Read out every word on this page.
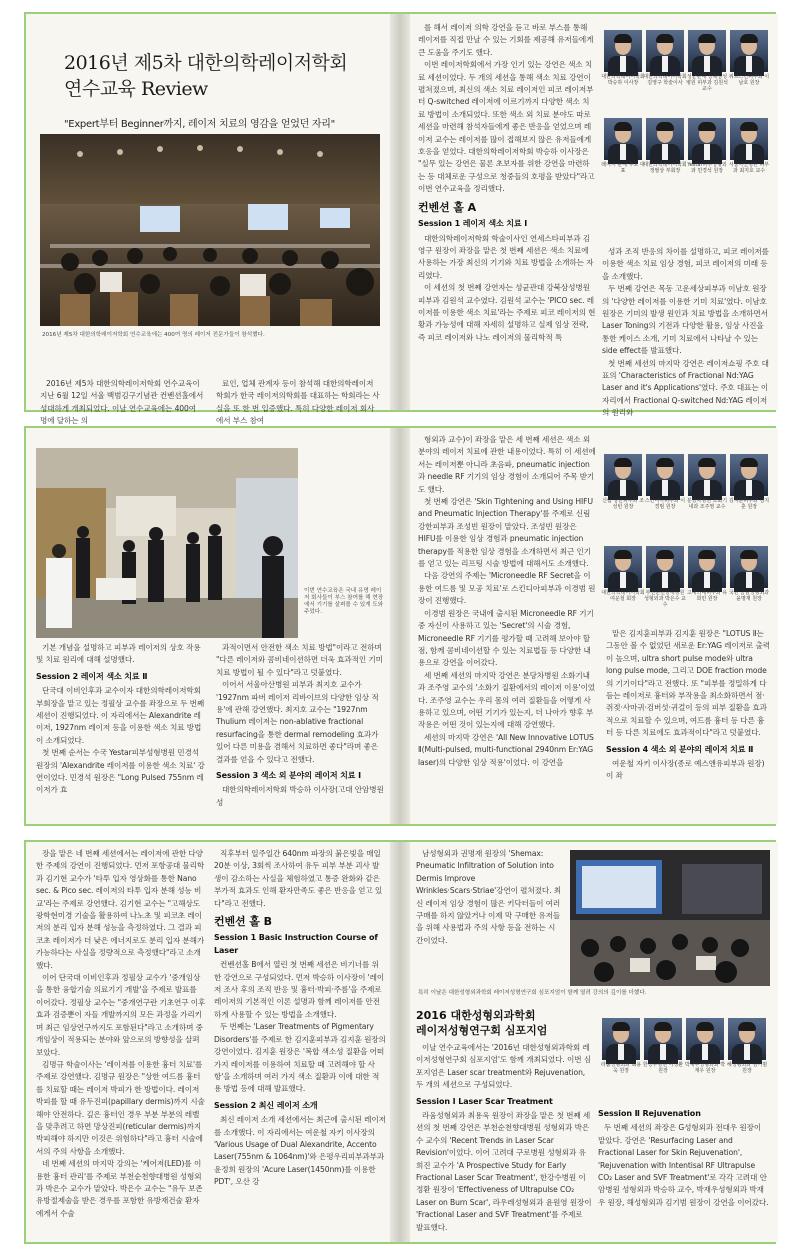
2016년 제5차 대한의학레이저학회
연수교육 Review
"Expert부터 Beginner까지, 레이저 치료의 영감을 얻었던 자리"
2016년 제5차 대한의학레이저학회 연수교육에는 400여 명의 레이저 전문가들이 참석했다.

2016년 제5차 대한의학레이저학회 연수교육이 지난 6월 12일 서울 백범김구기념관 컨벤션홀에서 성대하게 개최되었다. 이날 연수교육에는 400여 명에 달하는 의

료인, 업체 관계자 등이 참석해 대한의학레이저학회가 한국 레이저의학회를 대표하는 학회라는 사실을 또 한 번 입증했다. 특히 다양한 레이저 회사에서 부스 참여

를 해서 레이저 의학 강연을 듣고 바로 부스를 통해 레이저를 직접 만날 수 있는 기회를 제공해 유저들에게 큰 도움을 주기도 했다.

이번 레이저학회에서 가장 인기 있는 강연은 색소 치료 세션이었다. 두 개의 세션을 통해 색소 치료 강연이 펼쳐졌으며, 최신의 색소 치료 레이저인 피코 레이저부터 Q-switched 레이저에 이르기까지 다양한 색소 치료 방법이 소개되었다. 또한 색소 외 치료 분야도 따로 세션을 마련해 참석자들에게 좋은 반응을 얻었으며 레이저 교수는 레이저를 많이 접해보지 않은 유저들에게 호응을 얻었다. 대한의학레이저학회 박승하 이사장은 "실무 있는 강연은 물론 초보자를 위한 강연을 마련하는 등 대체로운 구성으로 청중들의 호평을 받았다"라고 이번 연수교육을 정리했다.

컨벤션 홀 A
Session 1 레이저 색소 치료 Ⅰ

대한의학레이저학회 학술이사인 연세스타피부과 김영구 원장이 좌장을 맡은 첫 번째 세션은 색소 치료에 사용하는 가장 최신의 기기와 치료 방법을 소개하는 자리였다.

이 세션의 첫 번째 강연자는 성균관대 강북삼성병원 피부과 김원석 교수였다. 김원석 교수는 'PICO sec. 레이저를 이용한 색소 치료'라는 주제로 피코 레이저의 현황과 가능성에 대해 자세히 설명하고 실제 임상 전략, 즉 피코 레이저와 나노 레이저의 물리학적 특

대한의학레이저학회 박승하 이사장
대한의학레이저학회 김영구 학술이사
성균관대 강북삼성병원 피부과 김원석 교수
위트스킨피부과 이남호 원장
레이저 판매 주호 대표
대한의학레이저학회 정필상 부회장
Yestar피부성형외과 민경석 원장
서울아산병원 피부과 최지호 교수

성과 조직 반응의 차이를 설명하고, 피코 레이저를 이용한 색소 치료 임상 경험, 피코 레이저의 미래 등을 소개했다.

두 번째 강연은 목동 고운세상피부과 이남호 원장의 '다양한 레이저를 이용한 기미 치료'였다. 이남호 원장은 기미의 발생 원인과 치료 방법을 소개하면서 Laser Toning의 기전과 다양한 활용, 임상 사진을 통한 케이스 소개, 기미 치료에서 나타날 수 있는 side effect를 발표했다.

첫 번째 세션의 마지막 강연은 레이저쇼핑 주호 대표의 'Characteristics of Fractional Nd:YAG Laser and it's Applications'였다. 주호 대표는 이 자리에서 Fractional Q-switched Nd:YAG 레이저의 원리와

이번 연수교육은 국내 유명 레이저 회사들이 부스 참여를 해 현장에서 기기를 살펴볼 수 있게 도와주었다.

기본 개념을 설명하고 피부과 레이저의 상호 작용 및 치료 원리에 대해 설명했다.

Session 2 레이저 색소 치료 Ⅱ

단국대 이비인후과 교수이자 대한의학레이저학회 부회장을 맡고 있는 정필상 교수를 좌장으로 두 번째 세션이 진행되었다. 이 자리에서는 Alexandrite 레이저, 1927nm 레이저 등을 이용한 색소 치료 방법이 소개되었다.

첫 번째 순서는 수국 Yestar피부성형병원 민경석 원장의 'Alexandrite 레이저를 이용한 색소 치료' 강연이었다. 민경석 원장은 "Long Pulsed 755nm 레이저가 효

과적이면서 안전한 색소 치료 방법"이라고 전하며 "다른 레이저와 콤비네이션하면 더욱 효과적인 기미 치료 방법이 될 수 있다"라고 덧붙였다.

이어서 서울아산병원 피부과 최지호 교수가 '1927nm 파버 레이저 리바이브의 다양한 임상 적용'에 관해 강연했다. 최지호 교수는 "1927nm Thulium 레이저는 non-ablative fractional resurfacing을 통한 dermal remodeling 효과가 있어 다른 미용을 겸해서 치료하면 좋다"라며 좋은 결과를 얻을 수 있다고 전했다.

Session 3 색소 외 분야의 레이저 치료 Ⅰ

대한의학레이저학회 박승하 이사장(고대 안암병원 성

형외과 교수)이 좌장을 맡은 세 번째 세션은 색소 외 분야의 레이저 치료에 관한 내용이었다. 특히 이 세션에서는 레이저뿐 아니라 초음파, pneumatic injection과 needle RF 기기의 임상 경험이 소개되어 주목 받기도 했다.

첫 번째 강연은 'Skin Tightening and Using HIFU and Pneumatic Injection Therapy'를 주제로 신림 강한피부과 조성빈 원장이 맡았다. 조성빈 원장은 HIFU를 이용한 임상 경험과 pneumatic injection therapy를 적용한 임상 경험을 소개하면서 최근 인기를 얻고 있는 리프팅 시술 방법에 대해서도 소개했다.

다음 강연의 주제는 'Microneedle RF Secret을 이용한 여드름 및 모공 치료'로 스킨디아피부과 이경범 원장이 진행했다.

이경범 원장은 국내에 출시된 Microneedle RF 기기 중 자신이 사용하고 있는 'Secret'의 시술 경험, Microneedle RF 기기를 평가할 때 고려해 보아야 할 점, 함께 콤비네이션할 수 있는 치료법들 등 다양한 내용으로 강연을 이어갔다.

세 번째 세션의 마지막 강연은 분당차병원 소화기내과 조주영 교수의 '소화기 질환에서의 레이저 이용'이었다. 조주영 교수는 우리 몸의 여러 질환들을 어떻게 사용하고 있으며, 어떤 기기가 있는지, 더 나아가 향후 부작용은 어떤 것이 있는지에 대해 강연했다.

세션의 마지막 강연은 'All New Innovative LOTUS Ⅱ(Multi-pulsed, multi-functional 2940nm Er:YAG laser)의 다양한 임상 적용'이었다. 이 강연을

신림 강한피부과 조성빈 원장
스킨디아피부과 이경범 원장
분당차병원 소화기내과 조주영 교수
김지훈피부과 김지훈 원장
대한의학레이저학회 여운철 회장
부천순천향대병원 성형외과 박은수 교수
고대의대피부과 유희민 원장
국민 금남성형외과 윤명재 원장

맡은 김지훈피부과 김지훈 원장은 "LOTUS Ⅱ는 그동안 볼 수 없었던 새로운 Er:YAG 레이저로 출력이 높으며, ultra short pulse mode와 ultra long pulse mode, 그리고 DOE fraction mode의 기기이다"라고 전했다. 또 "피부를 정밀하게 다듬는 레이저로 흉터와 부작용을 최소화하면서 점·쥐젖·사마귀·검버섯·귀걸이 등의 피부 질환을 효과적으로 치료할 수 있으며, 여드름 흉터 등 다른 흉터 등 다른 치료에도 효과적이다"라고 덧붙였다.

Session 4 색소 외 분야의 레이저 치료 Ⅱ

여운철 자키 이사장(종로 예스앤유피부과 원장)이 좌

장을 맡은 네 번째 세션에서는 레이저에 관한 다양한 주제의 강연이 진행되었다. 먼저 포항공대 물리학과 김기현 교수가 '타투 입자 영상화를 통한 Nano sec. & Pico sec. 레이저의 타투 입자 분해 성능 비교'라는 주제로 강연했다. 김기현 교수는 "고해상도 광학현미경 기술을 활용하여 나노초 및 피코초 레이저의 분리 입자 분해 성능을 측정하였다. 그 결과 피코초 레이저가 더 낮은 에너지로도 분리 입자 분해가 가능하다는 사실을 정량적으로 측정했다"라고 소개했다.

이어 단국대 이비인후과 정필상 교수가 '중개임상을 통한 융합기술 의료기기 개발'을 주제로 발표를 이어갔다. 정필상 교수는 "중개연구란 기초연구 이후 효과 검증뿐이 자들 개발까지의 모든 과정을 가리키며 최근 임상연구까지도 포함된다"라고 소개하며 중개임상이 적용되는 분야와 앞으로의 방향성을 살펴보았다.

김명규 학술이사는 '레이저를 이용한 흉터 치료'를 주제로 강연했다. 김명규 원장은 "상한 여드름 흉터를 치료할 때는 레이저 박피가 한 방법이다. 레이저 박피를 할 때 유두진피(papillary dermis)까지 시술해야 안전하다. 깊은 흉터인 경우 부분 부분의 레벨을 맞추려고 하면 망상진피(reticular dermis)까지 박피해야 하지만 이것은 위험하다"라고 흉터 시술에서의 주의 사항을 소개했다.

네 번째 세션의 마지막 강의는 '케어저(LED)를 이용한 흉터 관리'를 주제로 부천순천향대병원 성형외과 박은수 교수가 맡았다. 박은수 교수는 "유두 보존 유방절제술을 받은 경우를 포함한 유방재건술 환자에게서 수술

직후부터 일주일간 640nm 파장의 붉은빛을 매일 20분 이상, 3회씩 조사하여 유두 피부 부분 괴사 발생이 감소하는 사실을 체험하였고 통증 완화와 같은 부가적 효과도 인해 환자만족도 좋은 반응을 얻고 있다"라고 전했다.

컨벤션 홀 B
Session 1 Basic Instruction Course of Laser

컨벤션홀 B에서 열린 첫 번째 세션은 비기너를 위한 강연으로 구성되었다. 먼저 박승하 이사장이 '레이저 조사 후의 조직 반응 및 흉터·박피·주름'을 주제로 레이저의 기본적인 이론 설명과 함께 레이저를 안전하게 사용할 수 있는 방법을 소개했다.

두 번째는 'Laser Treatments of Pigmentary Disorders'를 주제로 한 김지훈피부과 김지훈 원장의 강연이었다. 김지훈 원장은 '복합 색소성 질환을 어떠가지 레이저를 이용하여 치료할 때 고려해야 할 사항'을 소개하며 여러 가지 색소 질환과 이에 대한 적용 방법 등에 대해 발표했다.

Session 2 최신 레이저 소개

최신 레이저 소개 세션에서는 최근에 출시된 레이저를 소개했다. 이 자리에서는 여운철 자키 이사장의 'Various Usage of Dual Alexandrite, Accento Laser(755nm & 1064nm)'와 은평우리피부과부과 윤정희 원장의 'Acure Laser(1450nm)를 이용한 PDT', 오산 강

남성형외과 권명재 원장의 'Shemax: Pneumatic Infiltration of Solution into Dermis Improve Wrinkles·Scars·Striae'강연이 펼쳐졌다. 최신 레이저 임상 경험이 많은 키닥터들이 여러 구매를 하지 않았거나 이제 막 구매한 유저들을 위해 사용법과 주의 사항 등을 전하는 시간이었다.

특히 이날은 대한성형외과학회 레이저성형연구회 심포지엄이 함께 열려 강의의 깊이를 더했다.
2016 대한성형외과학회
레이저성형연구회 심포지엄

이날 연수교육에서는 '2016년 대한성형외과학회 레이저성형연구회 심포지엄'도 함께 개최되었다. 이번 심포지엄은 Laser scar treatment와 Rejuvenation, 두 개의 세션으로 구성되었다.

Session Ⅰ Laser Scar Treatment

라움성형외과 최용욱 원장이 좌장을 맡은 첫 번째 세션의 첫 번째 강연은 부천순천향대병원 성형외과 박은수 교수의 'Recent Trends in Laser Scar Revision'이었다. 이어 고려대 구로병원 성형외과 유희진 교수가 'A Prospective Study for Early Fractional Laser Scar Treatment', 한강수병원 이정환 원장이 'Effectiveness of Ultrapulse CO₂ Laser on Burn Scar', 라우레성형외과 윤원영 원장이 'Fractional Laser and SVF Treatment'를 주제로 발표했다.

라움성형외과 최용욱 원장
한강수병원 이정환 원장
박재우성형외과 박재우 원장
해성형외과 김기범 원장
Session Ⅱ Rejuvenation

두 번째 세션의 좌장은 G성형외과 전대우 원장이 맡았다. 강연은 'Resurfacing Laser and Fractional Laser for Skin Rejuvenation', 'Rejuvenation with Intentisal RF Ultrapulse CO₂ Laser and SVF Treatment'로 각각 고려대 안암병원 성형외과 박승하 교수, 박재우성형외과 박재우 원장, 해성형외과 김기범 원장이 강연을 이어갔다.
